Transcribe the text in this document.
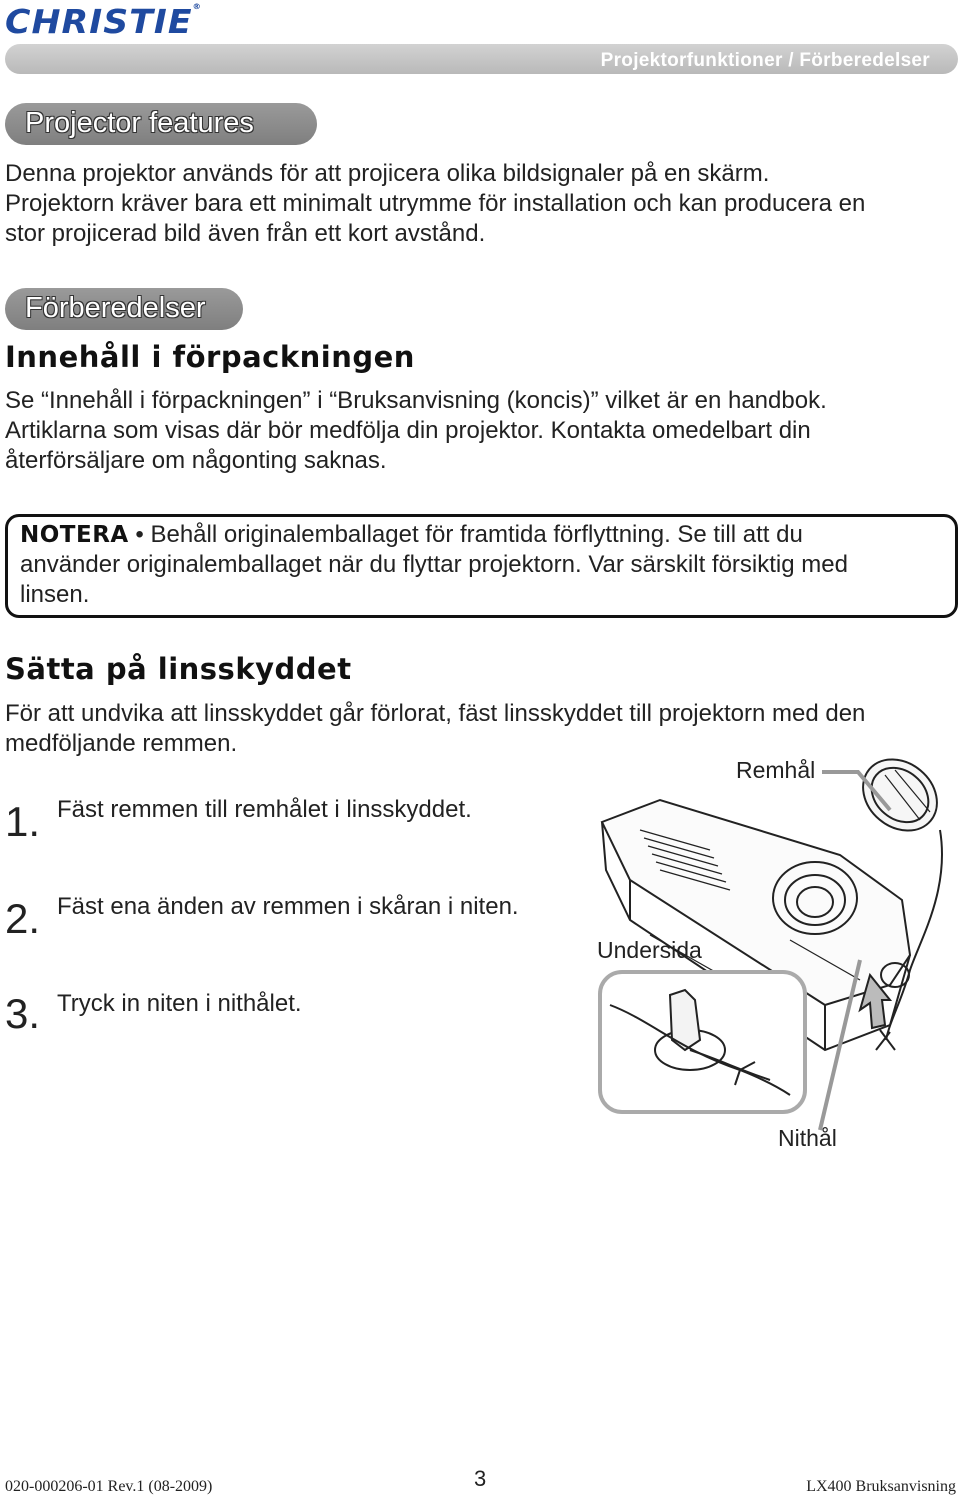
CHRISTIE®
Projektorfunktioner / Förberedelser
Projector features
Denna projektor används för att projicera olika bildsignaler på en skärm.
Projektorn kräver bara ett minimalt utrymme för installation och kan producera en
stor projicerad bild även från ett kort avstånd.
Förberedelser
Innehåll i förpackningen
Se “Innehåll i förpackningen” i “Bruksanvisning (koncis)” vilket är en handbok.
Artiklarna som visas där bör medfölja din projektor. Kontakta omedelbart din
återförsäljare om någonting saknas.
NOTERA • Behåll originalemballaget för framtida förflyttning. Se till att du
använder originalemballaget när du flyttar projektorn. Var särskilt försiktig med
linsen.
Sätta på linsskyddet
För att undvika att linsskyddet går förlorat, fäst linsskyddet till projektorn med den
medföljande remmen.
1. Fäst remmen till remhålet i linsskyddet.
2. Fäst ena änden av remmen i skåran i niten.
3. Tryck in niten i nithålet.
Remhål
Undersida
Nithål
020-000206-01 Rev.1 (08-2009)	3	LX400 Bruksanvisning
